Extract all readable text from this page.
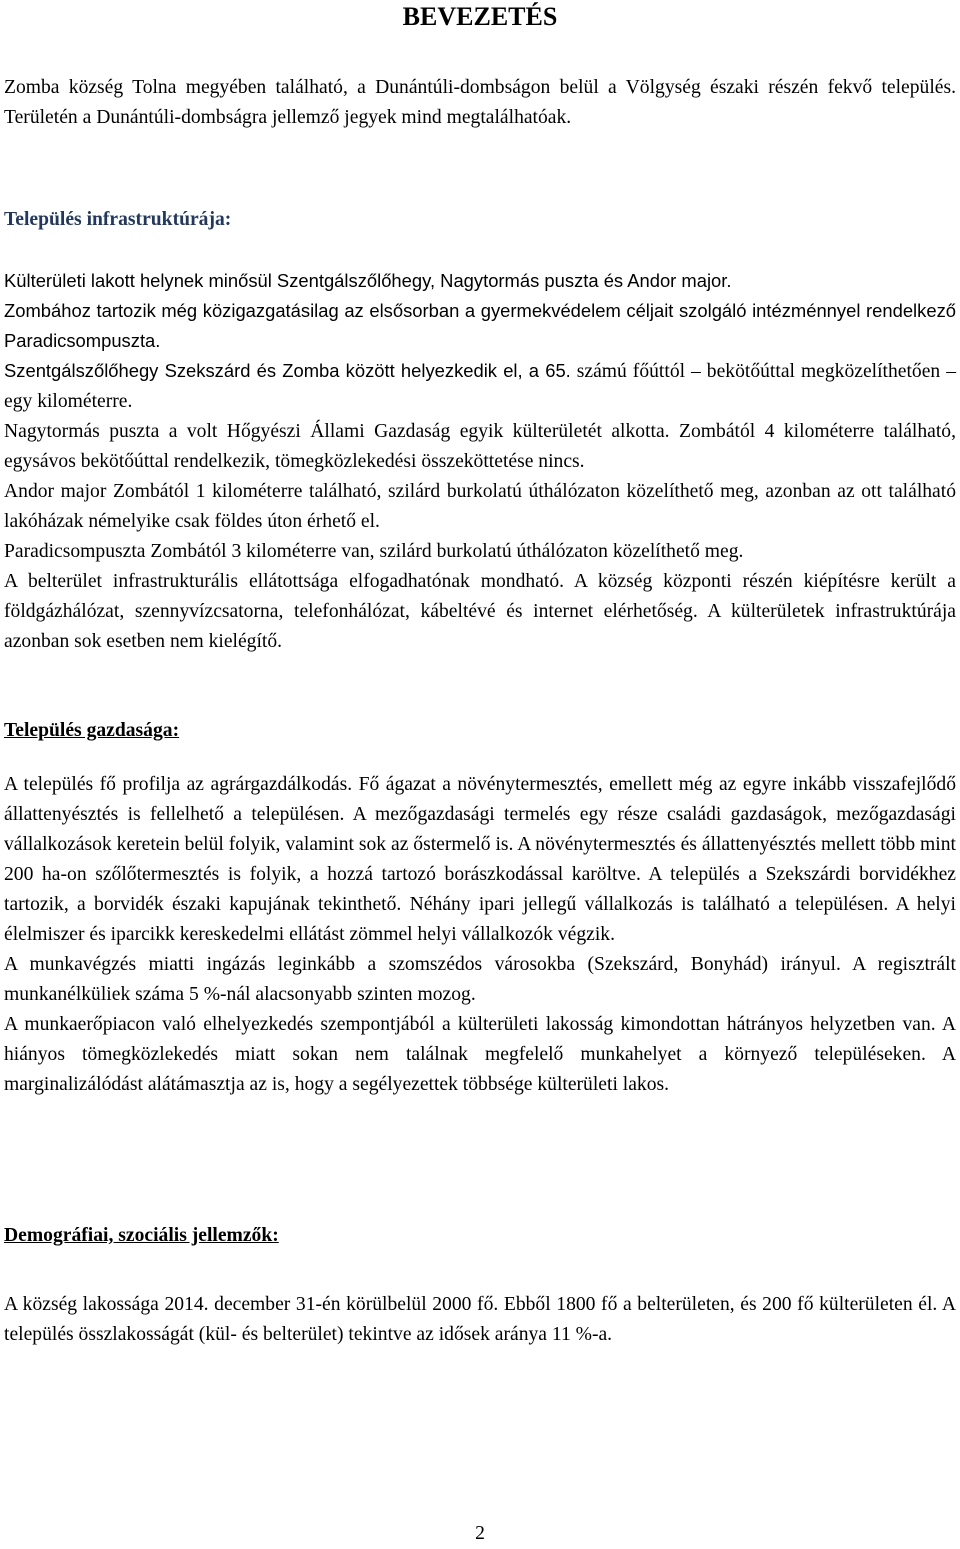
BEVEZETÉS

Zomba község Tolna megyében található, a Dunántúli-dombságon belül a Völgység északi részén fekvő település. Területén a Dunántúli-dombságra jellemző jegyek mind megtalálhatóak.

Település infrastruktúrája:

Külterületi lakott helynek minősül Szentgálszőlőhegy, Nagytormás puszta és Andor major.

Zombához tartozik még közigazgatásilag az elsősorban a gyermekvédelem céljait szolgáló intézménnyel rendelkező Paradicsompuszta.

Szentgálszőlőhegy Szekszárd és Zomba között helyezkedik el, a 65. számú főúttól – bekötőúttal megközelíthetően – egy kilométerre.

Nagytormás puszta a volt Hőgyészi Állami Gazdaság egyik külterületét alkotta. Zombától 4 kilométerre található, egysávos bekötőúttal rendelkezik, tömegközlekedési összeköttetése nincs.

Andor major Zombától 1 kilométerre található, szilárd burkolatú úthálózaton közelíthető meg, azonban az ott található lakóházak némelyike csak földes úton érhető el.

Paradicsompuszta Zombától 3 kilométerre van, szilárd burkolatú úthálózaton közelíthető meg.

A belterület infrastrukturális ellátottsága elfogadhatónak mondható. A község központi részén kiépítésre került a földgázhálózat, szennyvízcsatorna, telefonhálózat, kábeltévé és internet elérhetőség. A külterületek infrastruktúrája azonban sok esetben nem kielégítő.

Település gazdasága:

A település fő profilja az agrárgazdálkodás. Fő ágazat a növénytermesztés, emellett még az egyre inkább visszafejlődő állattenyésztés is fellelhető a településen. A mezőgazdasági termelés egy része családi gazdaságok, mezőgazdasági vállalkozások keretein belül folyik, valamint sok az őstermelő is. A növénytermesztés és állattenyésztés mellett több mint 200 ha-on szőlőtermesztés is folyik, a hozzá tartozó borászkodással karöltve. A település a Szekszárdi borvidékhez tartozik, a borvidék északi kapujának tekinthető. Néhány ipari jellegű vállalkozás is található a településen. A helyi élelmiszer és iparcikk kereskedelmi ellátást zömmel helyi vállalkozók végzik.

A munkavégzés miatti ingázás leginkább a szomszédos városokba (Szekszárd, Bonyhád) irányul. A regisztrált munkanélküliek száma 5 %-nál alacsonyabb szinten mozog.

A munkaerőpiacon való elhelyezkedés szempontjából a külterületi lakosság kimondottan hátrányos helyzetben van. A hiányos tömegközlekedés miatt sokan nem találnak megfelelő munkahelyet a környező településeken. A marginalizálódást alátámasztja az is, hogy a segélyezettek többsége külterületi lakos.

Demográfiai, szociális jellemzők:

A község lakossága 2014. december 31-én körülbelül 2000 fő. Ebből 1800 fő a belterületen, és 200 fő külterületen él. A település összlakosságát (kül- és belterület) tekintve az idősek aránya 11 %-a.

2
